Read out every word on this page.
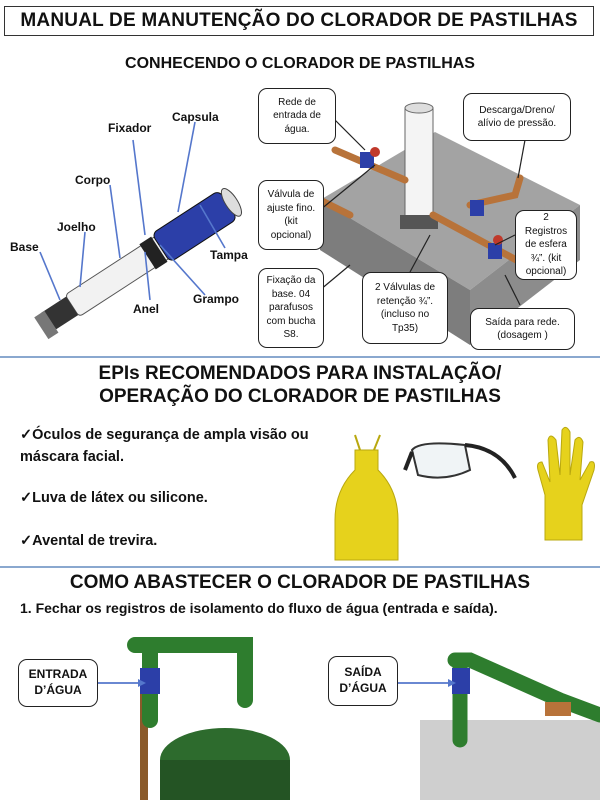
MANUAL DE MANUTENÇÃO DO CLORADOR DE PASTILHAS
CONHECENDO O CLORADOR DE PASTILHAS
Base
Joelho
Corpo
Fixador
Capsula
Tampa
Grampo
Anel
Rede de entrada de água.
Válvula de ajuste fino. (kit opcional)
Fixação da base. 04 parafusos com bucha S8.
2 Válvulas de retenção ¾”. (incluso no Tp35)
Descarga/Dreno/ alívio de pressão.
2 Registros de esfera ¾”. (kit opcional)
Saída para rede. (dosagem )
EPIs RECOMENDADOS PARA INSTALAÇÃO/
OPERAÇÃO DO CLORADOR DE PASTILHAS
✓Óculos de segurança de ampla visão ou máscara facial.
✓Luva de látex ou silicone.
✓Avental de trevira.
COMO ABASTECER O CLORADOR DE PASTILHAS
1. Fechar os registros de isolamento do fluxo de água (entrada e saída).
ENTRADA D’ÁGUA
SAÍDA D’ÁGUA
